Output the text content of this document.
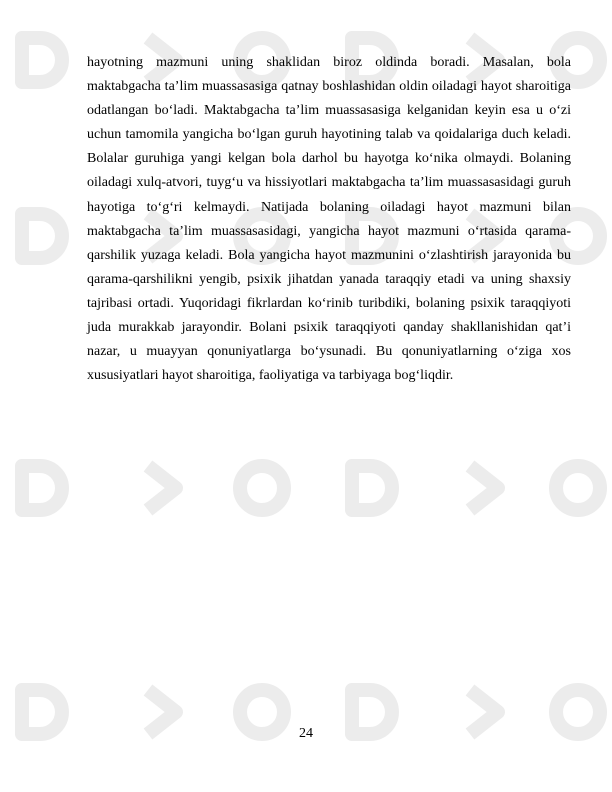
hayotning mazmuni uning shaklidan biroz oldinda boradi. Masalan, bola maktabgacha ta’lim muassasasiga qatnay boshlashidan oldin oiladagi hayot sharoitiga odatlangan bo‘ladi. Maktabgacha ta’lim muassasasiga kelganidan keyin esa u o‘zi uchun tamomila yangicha bo‘lgan guruh hayotining talab va qoidalariga duch keladi. Bolalar guruhiga yangi kelgan bola darhol bu hayotga ko‘nika olmaydi. Bolaning oiladagi xulq-atvori, tuyg‘u va hissiyotlari maktabgacha ta’lim muassasasidagi guruh hayotiga to‘g‘ri kelmaydi. Natijada bolaning oiladagi hayot mazmuni bilan maktabgacha ta’lim muassasasidagi, yangicha hayot mazmuni o‘rtasida qarama-qarshilik yuzaga keladi. Bola yangicha hayot mazmunini o‘zlashtirish jarayonida bu qarama-qarshilikni yengib, psixik jihatdan yanada taraqqiy etadi va uning shaxsiy tajribasi ortadi. Yuqoridagi fikrlardan ko‘rinib turibdiki, bolaning psixik taraqqiyoti juda murakkab jarayondir. Bolani psixik taraqqiyoti qanday shakllanishidan qat’i nazar, u muayyan qonuniyatlarga bo‘ysunadi. Bu qonuniyatlarning o‘ziga xos xususiyatlari hayot sharoitiga, faoliyatiga va tarbiyaga bog‘liqdir.

24
